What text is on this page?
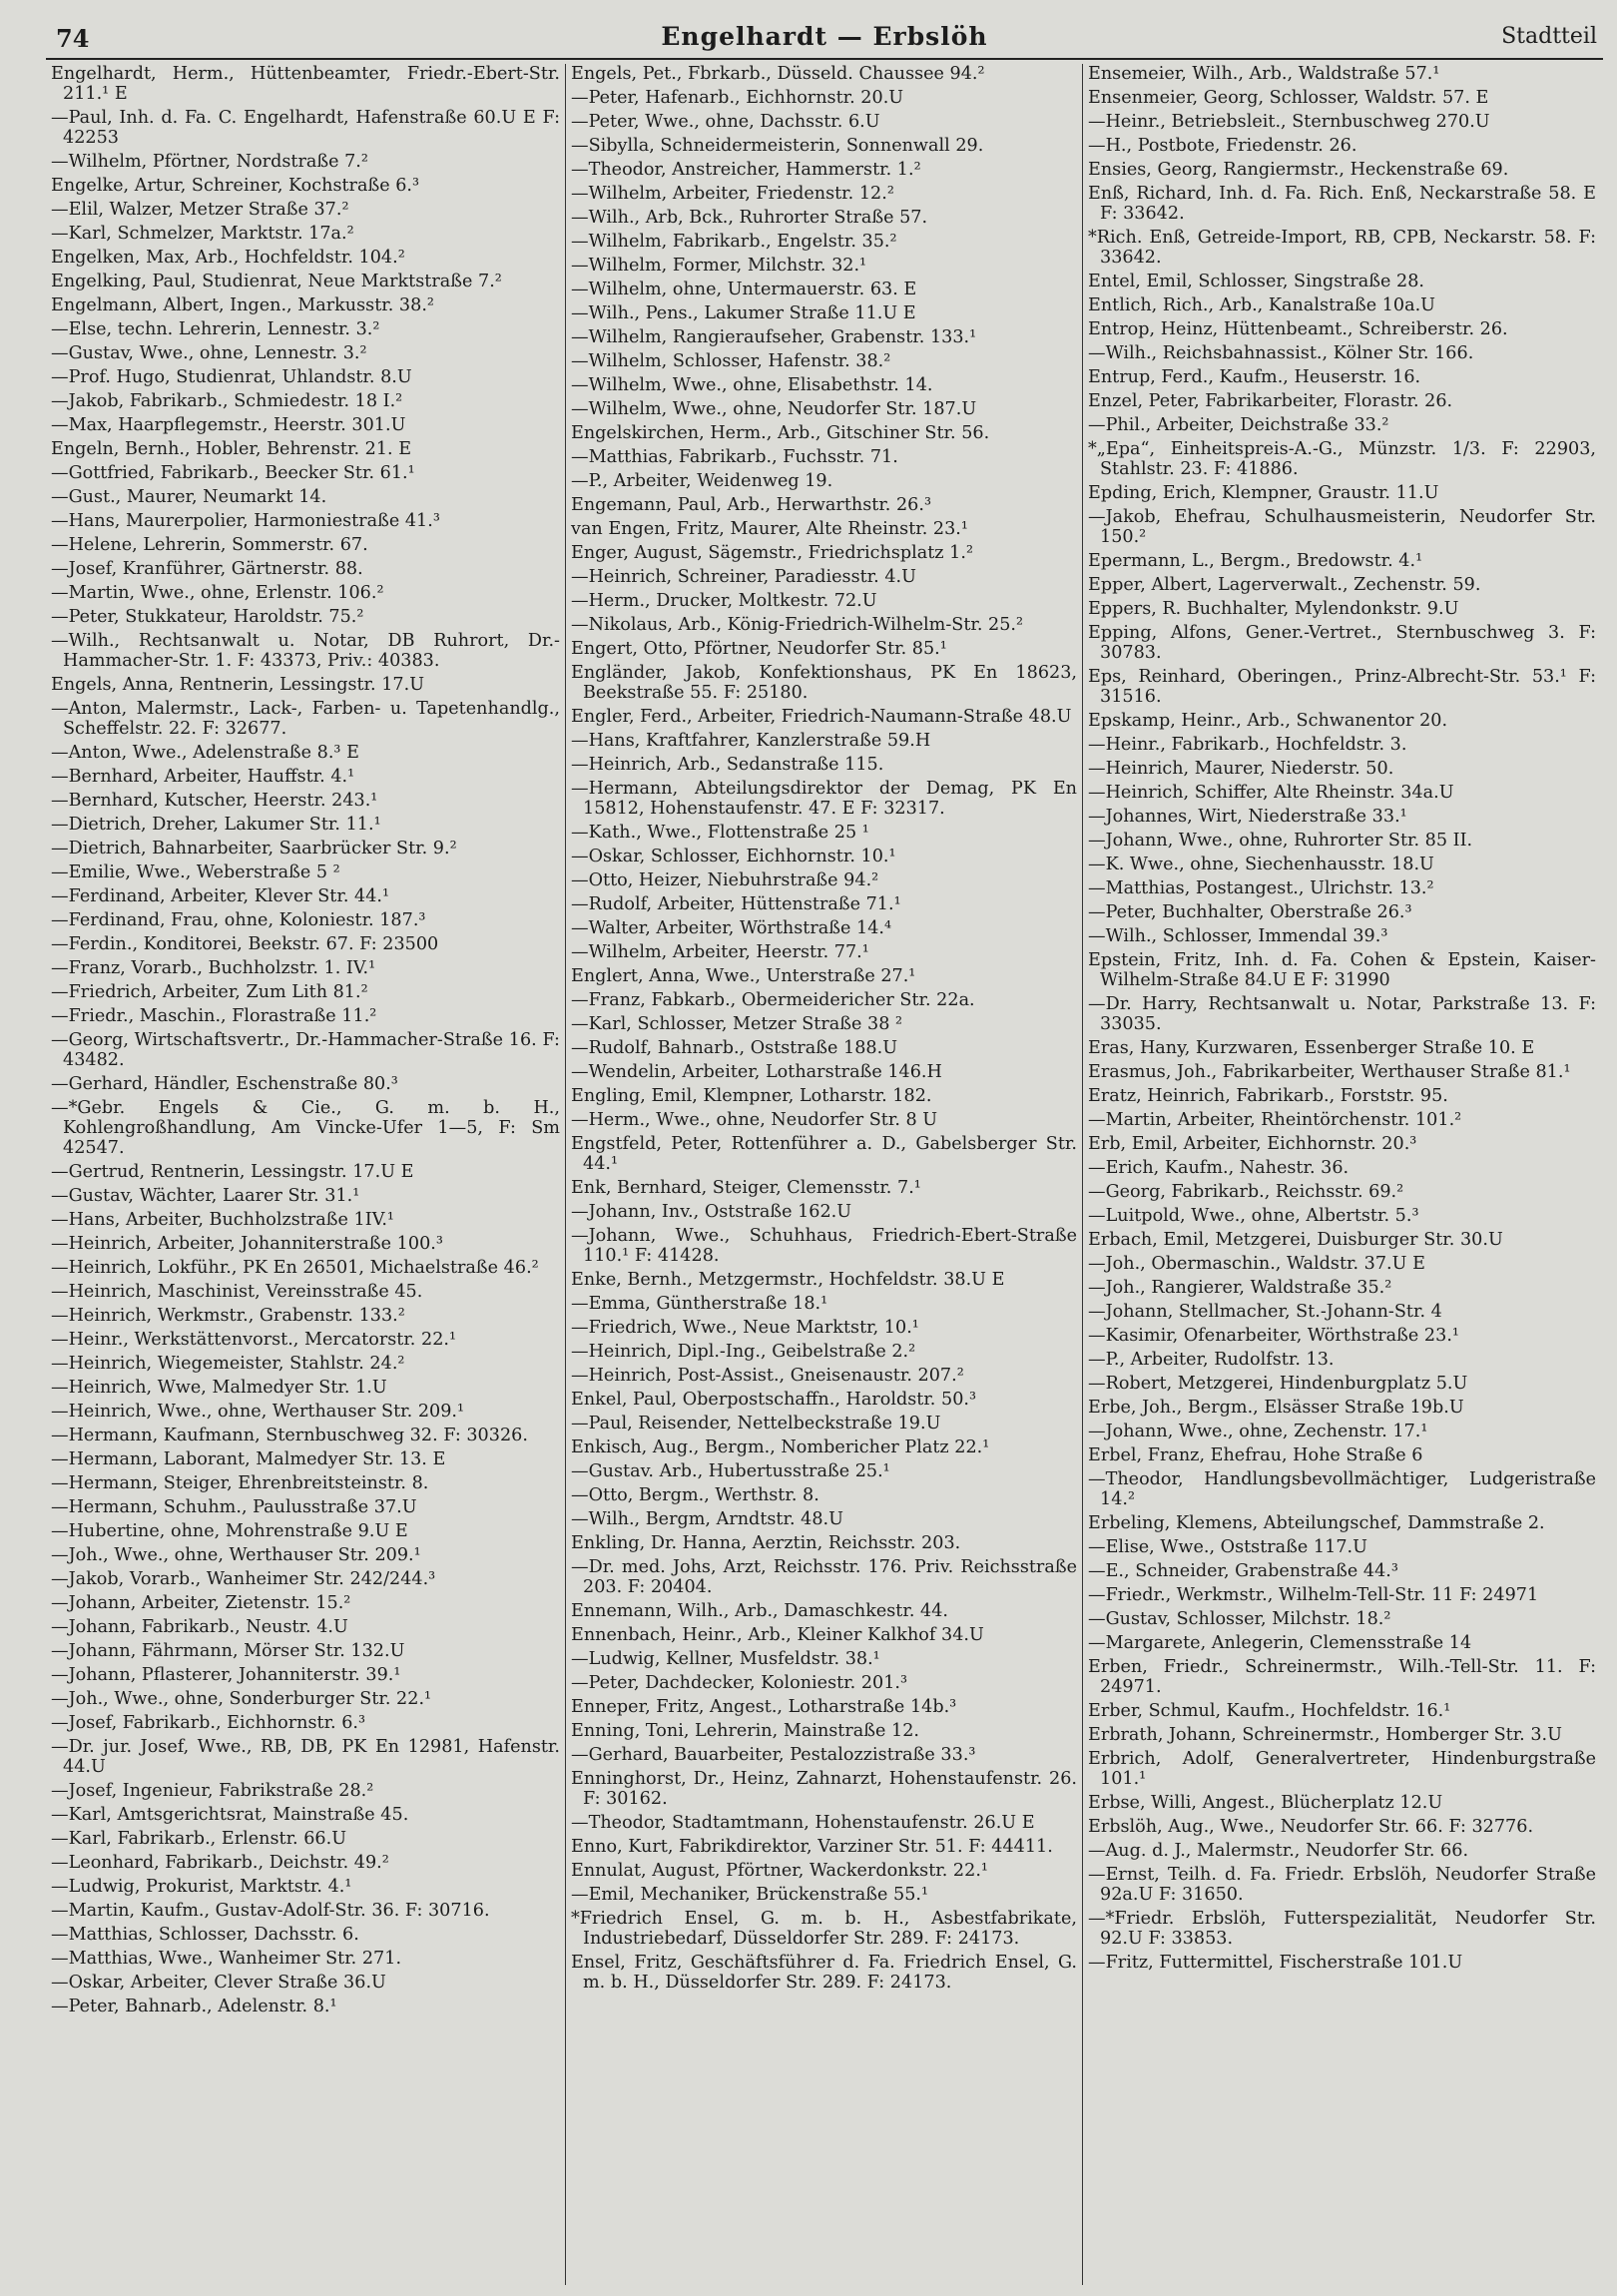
74	Engelhardt — Erbslöh	Stadtteil
Engelhardt, Herm., Hüttenbeamter, Friedr.-Ebert-Str. 211.¹ E
—Paul, Inh. d. Fa. C. Engelhardt, Hafenstraße 60.U E F: 42253
—Wilhelm, Pförtner, Nordstraße 7.²
Engelke, Artur, Schreiner, Kochstraße 6.³
—Elil, Walzer, Metzer Straße 37.²
—Karl, Schmelzer, Marktstr. 17a.²
Engelken, Max, Arb., Hochfeldstr. 104.²
Engelking, Paul, Studienrat, Neue Marktstraße 7.²
Engelmann, Albert, Ingen., Markusstr. 38.²
—Else, techn. Lehrerin, Lennestr. 3.²
—Gustav, Wwe., ohne, Lennestr. 3.²
—Prof. Hugo, Studienrat, Uhlandstr. 8.U
—Jakob, Fabrikarb., Schmiedestr. 18 I.²
—Max, Haarpflegemstr., Heerstr. 301.U
Engeln, Bernh., Hobler, Behrenstr. 21. E
—Gottfried, Fabrikarb., Beecker Str. 61.¹
—Gust., Maurer, Neumarkt 14.
—Hans, Maurerpolier, Harmoniestraße 41.³
—Helene, Lehrerin, Sommerstr. 67.
—Josef, Kranführer, Gärtnerstr. 88.
—Martin, Wwe., ohne, Erlenstr. 106.²
—Peter, Stukkateur, Haroldstr. 75.²
—Wilh., Rechtsanwalt u. Notar, DB Ruhrort, Dr.-Hammacher-Str. 1. F: 43373, Priv.: 40383.
Engels, Anna, Rentnerin, Lessingstr. 17.U
—Anton, Malermstr., Lack-, Farben- u. Tapetenhandlg., Scheffelstr. 22. F: 32677.
—Anton, Wwe., Adelenstraße 8.³ E
—Bernhard, Arbeiter, Hauffstr. 4.¹
—Bernhard, Kutscher, Heerstr. 243.¹
—Dietrich, Dreher, Lakumer Str. 11.¹
—Dietrich, Bahnarbeiter, Saarbrücker Str. 9.²
—Emilie, Wwe., Weberstraße 5 ²
—Ferdinand, Arbeiter, Klever Str. 44.¹
—Ferdinand, Frau, ohne, Koloniestr. 187.³
—Ferdin., Konditorei, Beekstr. 67. F: 23500
—Franz, Vorarb., Buchholzstr. 1. IV.¹
—Friedrich, Arbeiter, Zum Lith 81.²
—Friedr., Maschin., Florastraße 11.²
—Georg, Wirtschaftsvertr., Dr.-Hammacher-Straße 16. F: 43482.
—Gerhard, Händler, Eschenstraße 80.³
—*Gebr. Engels & Cie., G. m. b. H., Kohlengroßhandlung, Am Vincke-Ufer 1—5, F: Sm 42547.
—Gertrud, Rentnerin, Lessingstr. 17.U E
—Gustav, Wächter, Laarer Str. 31.¹
—Hans, Arbeiter, Buchholzstraße 1IV.¹
—Heinrich, Arbeiter, Johanniterstraße 100.³
—Heinrich, Lokführ., PK En 26501, Michaelstraße 46.²
—Heinrich, Maschinist, Vereinsstraße 45.
—Heinrich, Werkmstr., Grabenstr. 133.²
—Heinr., Werkstättenvorst., Mercatorstr. 22.¹
—Heinrich, Wiegemeister, Stahlstr. 24.²
—Heinrich, Wwe, Malmedyer Str. 1.U
—Heinrich, Wwe., ohne, Werthauser Str. 209.¹
—Hermann, Kaufmann, Sternbuschweg 32. F: 30326.
—Hermann, Laborant, Malmedyer Str. 13. E
—Hermann, Steiger, Ehrenbreitsteinstr. 8.
—Hermann, Schuhm., Paulusstraße 37.U
—Hubertine, ohne, Mohrenstraße 9.U E
—Joh., Wwe., ohne, Werthauser Str. 209.¹
—Jakob, Vorarb., Wanheimer Str. 242/244.³
—Johann, Arbeiter, Zietenstr. 15.²
—Johann, Fabrikarb., Neustr. 4.U
—Johann, Fährmann, Mörser Str. 132.U
—Johann, Pflasterer, Johanniterstr. 39.¹
—Joh., Wwe., ohne, Sonderburger Str. 22.¹
—Josef, Fabrikarb., Eichhornstr. 6.³
—Dr. jur. Josef, Wwe., RB, DB, PK En 12981, Hafenstr. 44.U
—Josef, Ingenieur, Fabrikstraße 28.²
—Karl, Amtsgerichtsrat, Mainstraße 45.
—Karl, Fabrikarb., Erlenstr. 66.U
—Leonhard, Fabrikarb., Deichstr. 49.²
—Ludwig, Prokurist, Marktstr. 4.¹
—Martin, Kaufm., Gustav-Adolf-Str. 36. F: 30716.
—Matthias, Schlosser, Dachsstr. 6.
—Matthias, Wwe., Wanheimer Str. 271.
—Oskar, Arbeiter, Clever Straße 36.U
—Peter, Bahnarb., Adelenstr. 8.¹
Engels, Pet., Fbrkarb., Düsseld. Chaussee 94.²
—Peter, Hafenarb., Eichhornstr. 20.U
—Peter, Wwe., ohne, Dachsstr. 6.U
—Sibylla, Schneidermeisterin, Sonnenwall 29.
—Theodor, Anstreicher, Hammerstr. 1.²
—Wilhelm, Arbeiter, Friedenstr. 12.²
—Wilh., Arb, Bck., Ruhrorter Straße 57.
—Wilhelm, Fabrikarb., Engelstr. 35.²
—Wilhelm, Former, Milchstr. 32.¹
—Wilhelm, ohne, Untermauerstr. 63. E
—Wilh., Pens., Lakumer Straße 11.U E
—Wilhelm, Rangieraufseher, Grabenstr. 133.¹
—Wilhelm, Schlosser, Hafenstr. 38.²
—Wilhelm, Wwe., ohne, Elisabethstr. 14.
—Wilhelm, Wwe., ohne, Neudorfer Str. 187.U
Engelskirchen, Herm., Arb., Gitschiner Str. 56.
—Matthias, Fabrikarb., Fuchsstr. 71.
—P., Arbeiter, Weidenweg 19.
Engemann, Paul, Arb., Herwarthstr. 26.³
van Engen, Fritz, Maurer, Alte Rheinstr. 23.¹
Enger, August, Sägemstr., Friedrichsplatz 1.²
—Heinrich, Schreiner, Paradiesstr. 4.U
—Herm., Drucker, Moltkestr. 72.U
—Nikolaus, Arb., König-Friedrich-Wilhelm-Str. 25.²
Engert, Otto, Pförtner, Neudorfer Str. 85.¹
Engländer, Jakob, Konfektionshaus, PK En 18623, Beekstraße 55. F: 25180.
Engler, Ferd., Arbeiter, Friedrich-Naumann-Straße 48.U
—Hans, Kraftfahrer, Kanzlerstraße 59.H
—Heinrich, Arb., Sedanstraße 115.
—Hermann, Abteilungsdirektor der Demag, PK En 15812, Hohenstaufenstr. 47. E F: 32317.
—Kath., Wwe., Flottenstraße 25 ¹
—Oskar, Schlosser, Eichhornstr. 10.¹
—Otto, Heizer, Niebuhrstraße 94.²
—Rudolf, Arbeiter, Hüttenstraße 71.¹
—Walter, Arbeiter, Wörthstraße 14.⁴
—Wilhelm, Arbeiter, Heerstr. 77.¹
Englert, Anna, Wwe., Unterstraße 27.¹
—Franz, Fabkarb., Obermeidericher Str. 22a.
—Karl, Schlosser, Metzer Straße 38 ²
—Rudolf, Bahnarb., Oststraße 188.U
—Wendelin, Arbeiter, Lotharstraße 146.H
Engling, Emil, Klempner, Lotharstr. 182.
—Herm., Wwe., ohne, Neudorfer Str. 8 U
Engstfeld, Peter, Rottenführer a. D., Gabelsberger Str. 44.¹
Enk, Bernhard, Steiger, Clemensstr. 7.¹
—Johann, Inv., Oststraße 162.U
—Johann, Wwe., Schuhhaus, Friedrich-Ebert-Straße 110.¹ F: 41428.
Enke, Bernh., Metzgermstr., Hochfeldstr. 38.U E
—Emma, Güntherstraße 18.¹
—Friedrich, Wwe., Neue Marktstr, 10.¹
—Heinrich, Dipl.-Ing., Geibelstraße 2.²
—Heinrich, Post-Assist., Gneisenaustr. 207.²
Enkel, Paul, Oberpostschaffn., Haroldstr. 50.³
—Paul, Reisender, Nettelbeckstraße 19.U
Enkisch, Aug., Bergm., Nombericher Platz 22.¹
—Gustav. Arb., Hubertusstraße 25.¹
—Otto, Bergm., Werthstr. 8.
—Wilh., Bergm, Arndtstr. 48.U
Enkling, Dr. Hanna, Aerztin, Reichsstr. 203.
—Dr. med. Johs, Arzt, Reichsstr. 176. Priv. Reichsstraße 203. F: 20404.
Ennemann, Wilh., Arb., Damaschkestr. 44.
Ennenbach, Heinr., Arb., Kleiner Kalkhof 34.U
—Ludwig, Kellner, Musfeldstr. 38.¹
—Peter, Dachdecker, Koloniestr. 201.³
Enneper, Fritz, Angest., Lotharstraße 14b.³
Enning, Toni, Lehrerin, Mainstraße 12.
—Gerhard, Bauarbeiter, Pestalozzistraße 33.³
Enninghorst, Dr., Heinz, Zahnarzt, Hohenstaufenstr. 26. F: 30162.
—Theodor, Stadtamtmann, Hohenstaufenstr. 26.U E
Enno, Kurt, Fabrikdirektor, Varziner Str. 51. F: 44411.
Ennulat, August, Pförtner, Wackerdonkstr. 22.¹
—Emil, Mechaniker, Brückenstraße 55.¹
*Friedrich Ensel, G. m. b. H., Asbestfabrikate, Industriebedarf, Düsseldorfer Str. 289. F: 24173.
Ensel, Fritz, Geschäftsführer d. Fa. Friedrich Ensel, G. m. b. H., Düsseldorfer Str. 289. F: 24173.
Ensemeier, Wilh., Arb., Waldstraße 57.¹
Ensenmeier, Georg, Schlosser, Waldstr. 57. E
—Heinr., Betriebsleit., Sternbuschweg 270.U
—H., Postbote, Friedenstr. 26.
Ensies, Georg, Rangiermstr., Heckenstraße 69.
Enß, Richard, Inh. d. Fa. Rich. Enß, Neckarstraße 58. E F: 33642.
*Rich. Enß, Getreide-Import, RB, CPB, Neckarstr. 58. F: 33642.
Entel, Emil, Schlosser, Singstraße 28.
Entlich, Rich., Arb., Kanalstraße 10a.U
Entrop, Heinz, Hüttenbeamt., Schreiberstr. 26.
—Wilh., Reichsbahnassist., Kölner Str. 166.
Entrup, Ferd., Kaufm., Heuserstr. 16.
Enzel, Peter, Fabrikarbeiter, Florastr. 26.
—Phil., Arbeiter, Deichstraße 33.²
*„Epa“, Einheitspreis-A.-G., Münzstr. 1/3. F: 22903, Stahlstr. 23. F: 41886.
Epding, Erich, Klempner, Graustr. 11.U
—Jakob, Ehefrau, Schulhausmeisterin, Neudorfer Str. 150.²
Epermann, L., Bergm., Bredowstr. 4.¹
Epper, Albert, Lagerverwalt., Zechenstr. 59.
Eppers, R. Buchhalter, Mylendonkstr. 9.U
Epping, Alfons, Gener.-Vertret., Sternbuschweg 3. F: 30783.
Eps, Reinhard, Oberingen., Prinz-Albrecht-Str. 53.¹ F: 31516.
Epskamp, Heinr., Arb., Schwanentor 20.
—Heinr., Fabrikarb., Hochfeldstr. 3.
—Heinrich, Maurer, Niederstr. 50.
—Heinrich, Schiffer, Alte Rheinstr. 34a.U
—Johannes, Wirt, Niederstraße 33.¹
—Johann, Wwe., ohne, Ruhrorter Str. 85 II.
—K. Wwe., ohne, Siechenhausstr. 18.U
—Matthias, Postangest., Ulrichstr. 13.²
—Peter, Buchhalter, Oberstraße 26.³
—Wilh., Schlosser, Immendal 39.³
Epstein, Fritz, Inh. d. Fa. Cohen & Epstein, Kaiser-Wilhelm-Straße 84.U E F: 31990
—Dr. Harry, Rechtsanwalt u. Notar, Parkstraße 13. F: 33035.
Eras, Hany, Kurzwaren, Essenberger Straße 10. E
Erasmus, Joh., Fabrikarbeiter, Werthauser Straße 81.¹
Eratz, Heinrich, Fabrikarb., Forststr. 95.
—Martin, Arbeiter, Rheintörchenstr. 101.²
Erb, Emil, Arbeiter, Eichhornstr. 20.³
—Erich, Kaufm., Nahestr. 36.
—Georg, Fabrikarb., Reichsstr. 69.²
—Luitpold, Wwe., ohne, Albertstr. 5.³
Erbach, Emil, Metzgerei, Duisburger Str. 30.U
—Joh., Obermaschin., Waldstr. 37.U E
—Joh., Rangierer, Waldstraße 35.²
—Johann, Stellmacher, St.-Johann-Str. 4
—Kasimir, Ofenarbeiter, Wörthstraße 23.¹
—P., Arbeiter, Rudolfstr. 13.
—Robert, Metzgerei, Hindenburgplatz 5.U
Erbe, Joh., Bergm., Elsässer Straße 19b.U
—Johann, Wwe., ohne, Zechenstr. 17.¹
Erbel, Franz, Ehefrau, Hohe Straße 6
—Theodor, Handlungsbevollmächtiger, Ludgeristraße 14.²
Erbeling, Klemens, Abteilungschef, Dammstraße 2.
—Elise, Wwe., Oststraße 117.U
—E., Schneider, Grabenstraße 44.³
—Friedr., Werkmstr., Wilhelm-Tell-Str. 11 F: 24971
—Gustav, Schlosser, Milchstr. 18.²
—Margarete, Anlegerin, Clemensstraße 14
Erben, Friedr., Schreinermstr., Wilh.-Tell-Str. 11. F: 24971.
Erber, Schmul, Kaufm., Hochfeldstr. 16.¹
Erbrath, Johann, Schreinermstr., Homberger Str. 3.U
Erbrich, Adolf, Generalvertreter, Hindenburgstraße 101.¹
Erbse, Willi, Angest., Blücherplatz 12.U
Erbslöh, Aug., Wwe., Neudorfer Str. 66. F: 32776.
—Aug. d. J., Malermstr., Neudorfer Str. 66.
—Ernst, Teilh. d. Fa. Friedr. Erbslöh, Neudorfer Straße 92a.U F: 31650.
—*Friedr. Erbslöh, Futterspezialität, Neudorfer Str. 92.U F: 33853.
—Fritz, Futtermittel, Fischerstraße 101.U
